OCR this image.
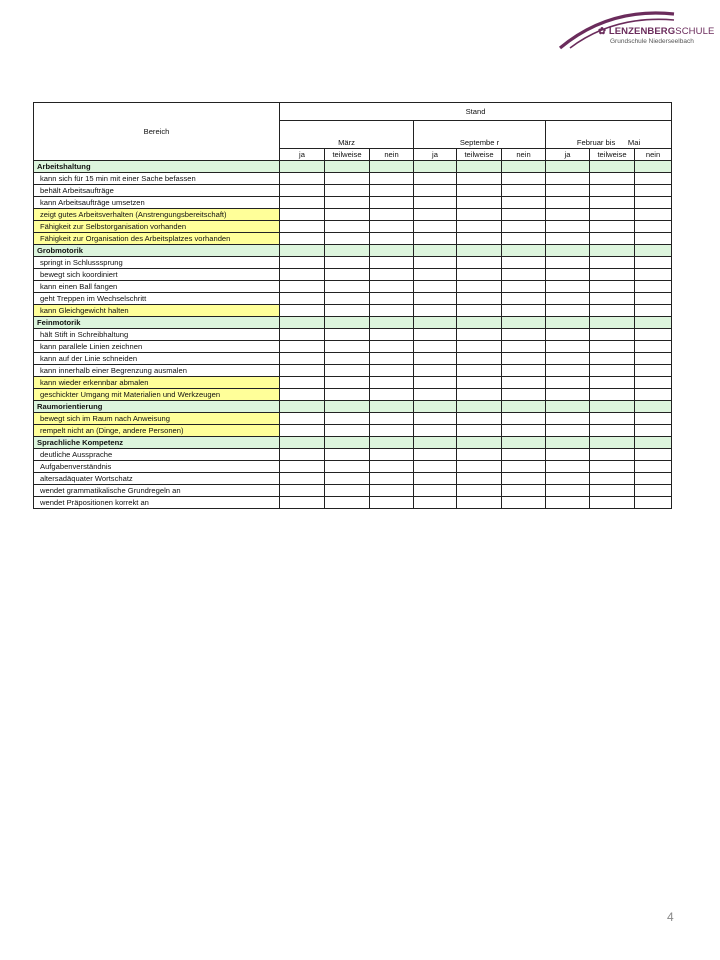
✿ LENZENBERGSCHULE
Grundschule Niederseelbach
Bereich	Stand								
	März			Septembe r			Februar bis      Mai		
	ja	teilweise	nein	ja	teilweise	nein	ja	teilweise	nein
Arbeitshaltung									
kann sich für 15 min mit einer Sache befassen									
behält Arbeitsaufträge									
kann Arbeitsaufträge umsetzen									
zeigt gutes Arbeitsverhalten (Anstrengungsbereitschaft)									
Fähigkeit zur Selbstorganisation vorhanden									
Fähigkeit zur Organisation des Arbeitsplatzes vorhanden									
Grobmotorik									
springt in Schlusssprung									
bewegt sich koordiniert									
kann einen Ball fangen									
geht Treppen im Wechselschritt									
kann Gleichgewicht halten									
Feinmotorik									
hält Stift in Schreibhaltung									
kann parallele Linien zeichnen									
kann auf der Linie schneiden									
kann innerhalb einer Begrenzung ausmalen									
kann wieder erkennbar abmalen									
geschickter Umgang mit Materialien und Werkzeugen									
Raumorientierung									
bewegt sich im Raum nach Anweisung									
rempelt nicht an (Dinge, andere Personen)									
Sprachliche Kompetenz									
deutliche Aussprache									
Aufgabenverständnis									
altersadäquater Wortschatz									
wendet grammatikalische Grundregeln an									
wendet Präpositionen korrekt an									
4
